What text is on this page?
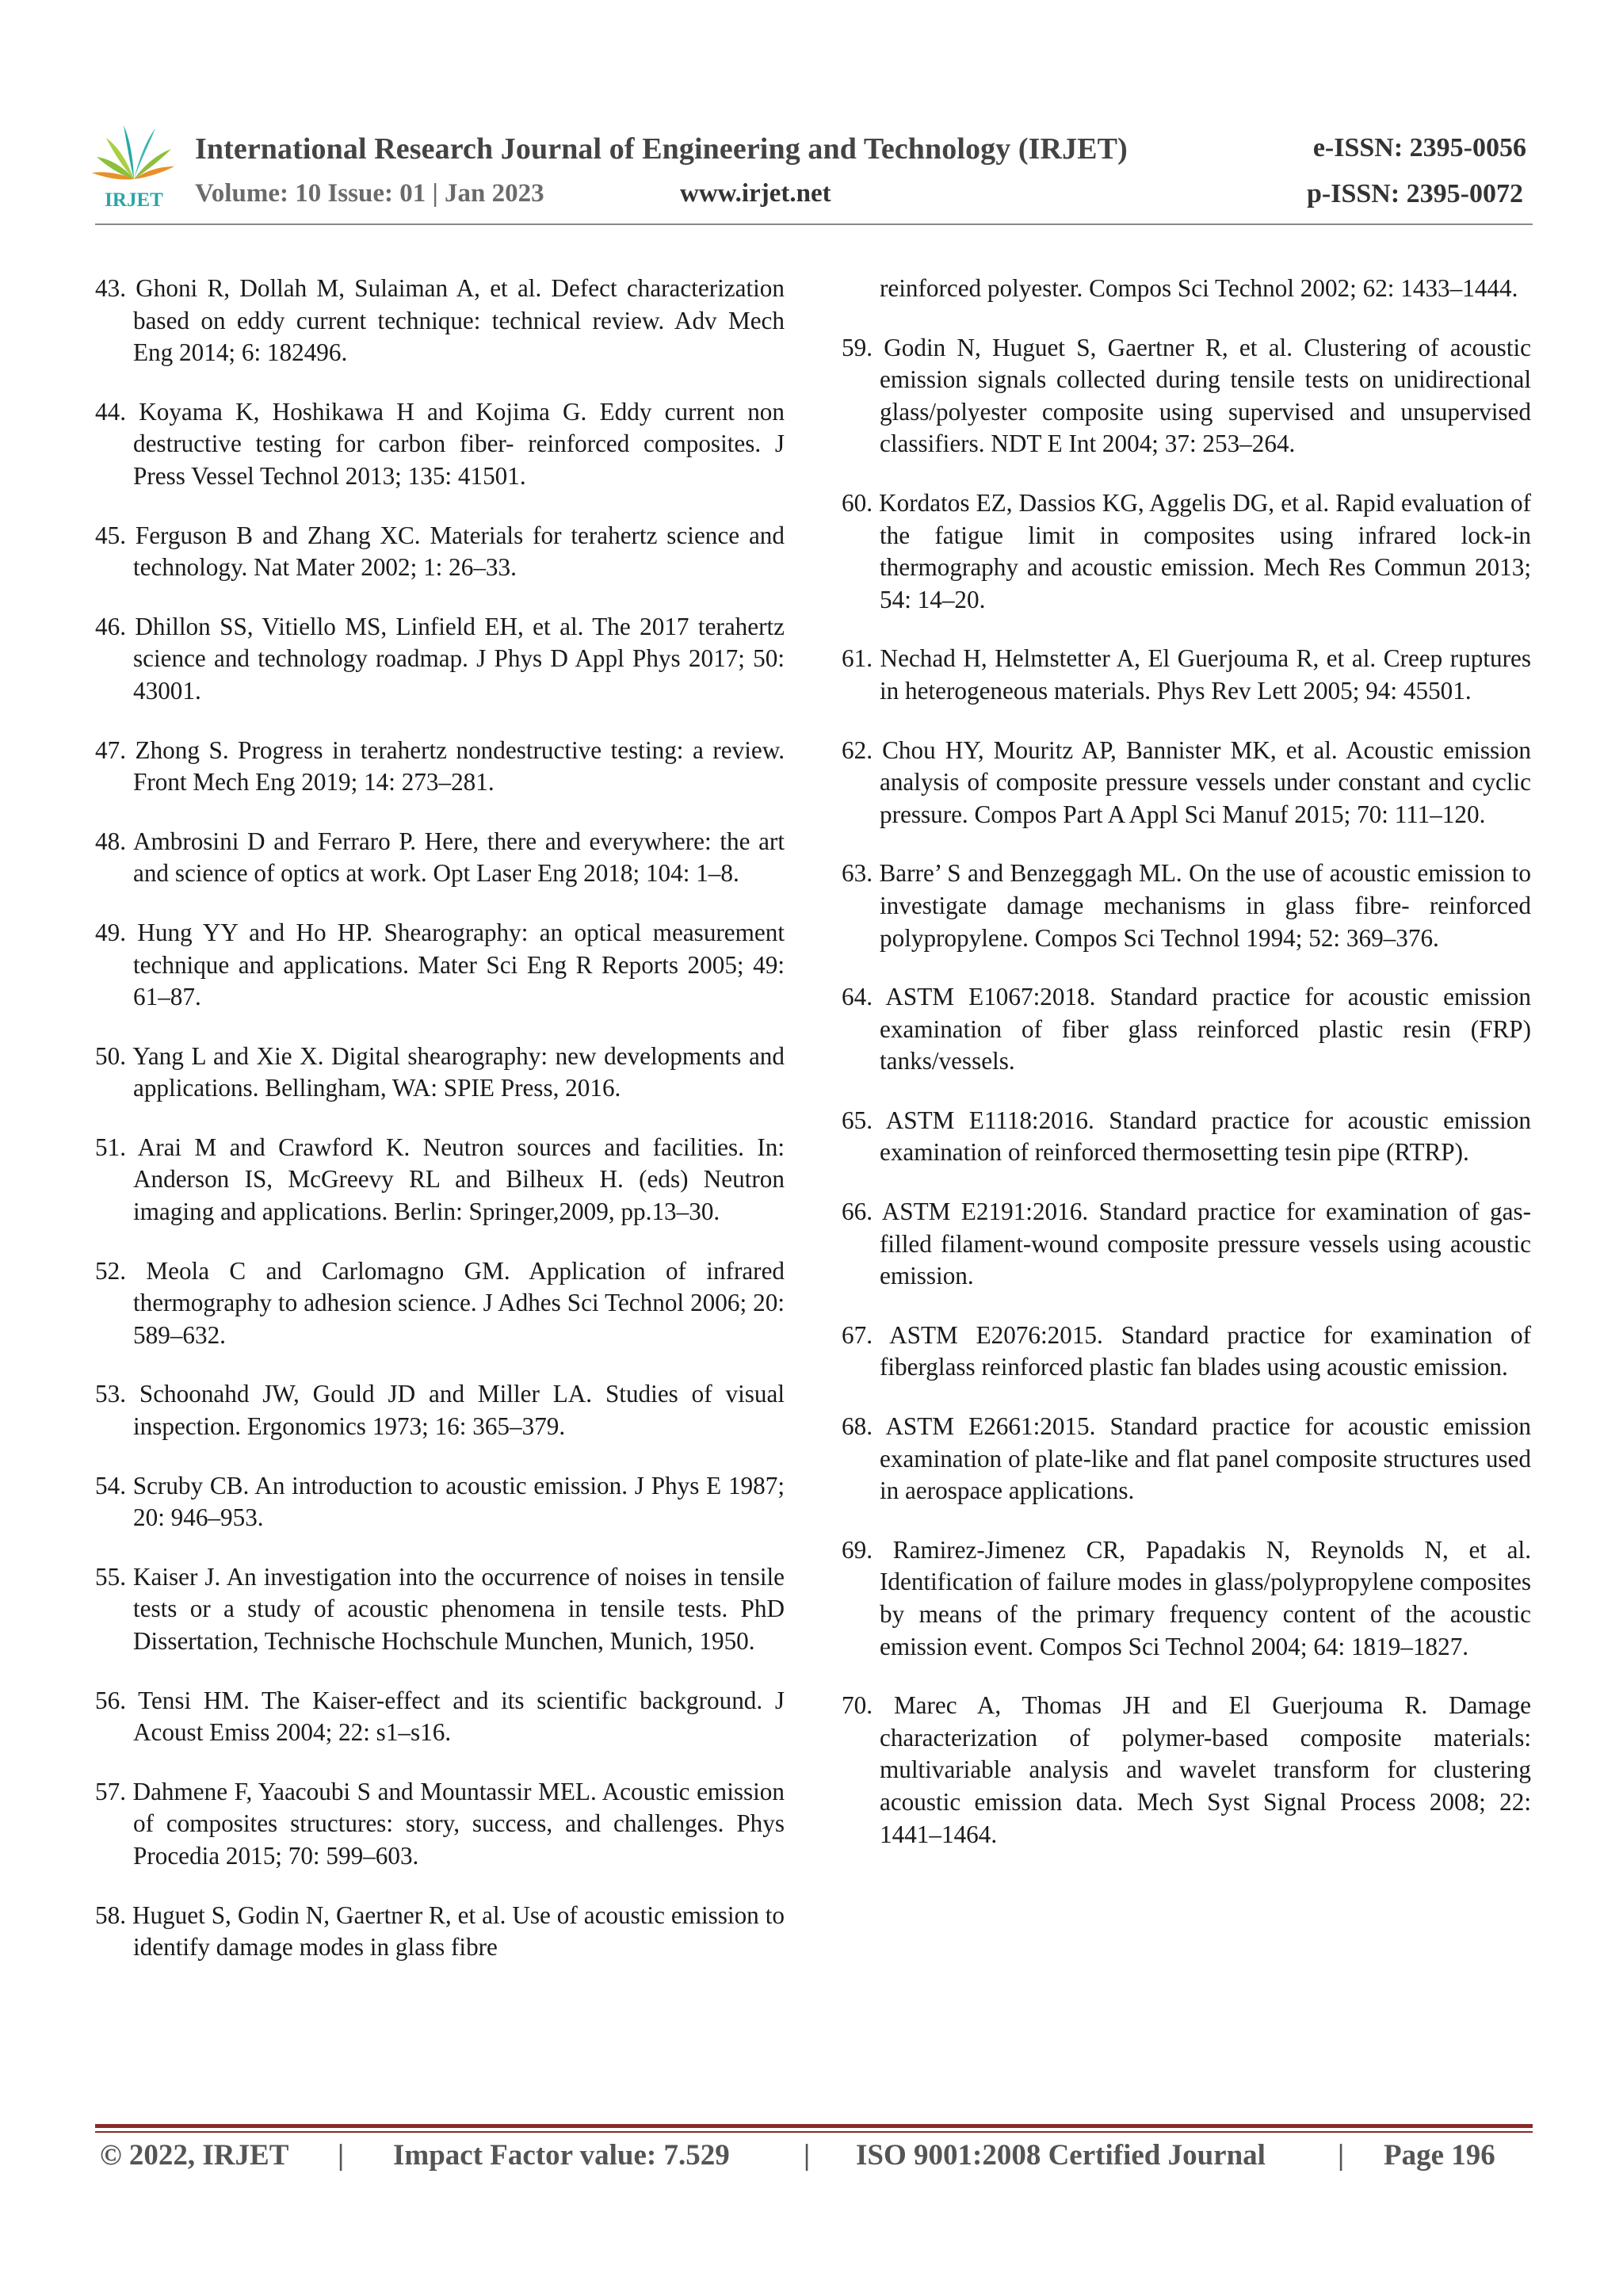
IRJET
International Research Journal of Engineering and Technology (IRJET)	e-ISSN: 2395-0056
Volume: 10 Issue: 01 | Jan 2023	www.irjet.net	p-ISSN: 2395-0072

43. Ghoni R, Dollah M, Sulaiman A, et al. Defect characterization based on eddy current technique: technical review. Adv Mech Eng 2014; 6: 182496.

44. Koyama K, Hoshikawa H and Kojima G. Eddy current non destructive testing for carbon fiber- reinforced composites. J Press Vessel Technol 2013; 135: 41501.

45. Ferguson B and Zhang XC. Materials for terahertz science and technology. Nat Mater 2002; 1: 26–33.

46. Dhillon SS, Vitiello MS, Linfield EH, et al. The 2017 terahertz science and technology roadmap. J Phys D Appl Phys 2017; 50: 43001.

47. Zhong S. Progress in terahertz nondestructive testing: a review. Front Mech Eng 2019; 14: 273–281.

48. Ambrosini D and Ferraro P. Here, there and everywhere: the art and science of optics at work. Opt Laser Eng 2018; 104: 1–8.

49. Hung YY and Ho HP. Shearography: an optical measurement technique and applications. Mater Sci Eng R Reports 2005; 49: 61–87.

50. Yang L and Xie X. Digital shearography: new developments and applications. Bellingham, WA: SPIE Press, 2016.

51. Arai M and Crawford K. Neutron sources and facilities. In: Anderson IS, McGreevy RL and Bilheux H. (eds) Neutron imaging and applications. Berlin: Springer,2009, pp.13–30.

52. Meola C and Carlomagno GM. Application of infrared thermography to adhesion science. J Adhes Sci Technol 2006; 20: 589–632.

53. Schoonahd JW, Gould JD and Miller LA. Studies of visual inspection. Ergonomics 1973; 16: 365–379.

54. Scruby CB. An introduction to acoustic emission. J Phys E 1987; 20: 946–953.

55. Kaiser J. An investigation into the occurrence of noises in tensile tests or a study of acoustic phenomena in tensile tests. PhD Dissertation, Technische Hochschule Munchen, Munich, 1950.

56. Tensi HM. The Kaiser-effect and its scientific background. J Acoust Emiss 2004; 22: s1–s16.

57. Dahmene F, Yaacoubi S and Mountassir MEL. Acoustic emission of composites structures: story, success, and challenges. Phys Procedia 2015; 70: 599–603.

58. Huguet S, Godin N, Gaertner R, et al. Use of acoustic emission to identify damage modes in glass fibre

reinforced polyester. Compos Sci Technol 2002; 62: 1433–1444.

59. Godin N, Huguet S, Gaertner R, et al. Clustering of acoustic emission signals collected during tensile tests on unidirectional glass/polyester composite using supervised and unsupervised classifiers. NDT E Int 2004; 37: 253–264.

60. Kordatos EZ, Dassios KG, Aggelis DG, et al. Rapid evaluation of the fatigue limit in composites using infrared lock-in thermography and acoustic emission. Mech Res Commun 2013; 54: 14–20.

61. Nechad H, Helmstetter A, El Guerjouma R, et al. Creep ruptures in heterogeneous materials. Phys Rev Lett 2005; 94: 45501.

62. Chou HY, Mouritz AP, Bannister MK, et al. Acoustic emission analysis of composite pressure vessels under constant and cyclic pressure. Compos Part A Appl Sci Manuf 2015; 70: 111–120.

63. Barre’ S and Benzeggagh ML. On the use of acoustic emission to investigate damage mechanisms in glass fibre- reinforced polypropylene. Compos Sci Technol 1994; 52: 369–376.

64. ASTM E1067:2018. Standard practice for acoustic emission examination of fiber glass reinforced plastic resin (FRP) tanks/vessels.

65. ASTM E1118:2016. Standard practice for acoustic emission examination of reinforced thermosetting tesin pipe (RTRP).

66. ASTM E2191:2016. Standard practice for examination of gas-filled filament-wound composite pressure vessels using acoustic emission.

67. ASTM E2076:2015. Standard practice for examination of fiberglass reinforced plastic fan blades using acoustic emission.

68. ASTM E2661:2015. Standard practice for acoustic emission examination of plate-like and flat panel composite structures used in aerospace applications.

69. Ramirez-Jimenez CR, Papadakis N, Reynolds N, et al. Identification of failure modes in glass/polypropylene composites by means of the primary frequency content of the acoustic emission event. Compos Sci Technol 2004; 64: 1819–1827.

70. Marec A, Thomas JH and El Guerjouma R. Damage characterization of polymer-based composite materials: multivariable analysis and wavelet transform for clustering acoustic emission data. Mech Syst Signal Process 2008; 22: 1441–1464.

© 2022, IRJET | Impact Factor value: 7.529	| ISO 9001:2008 Certified Journal | Page 196
